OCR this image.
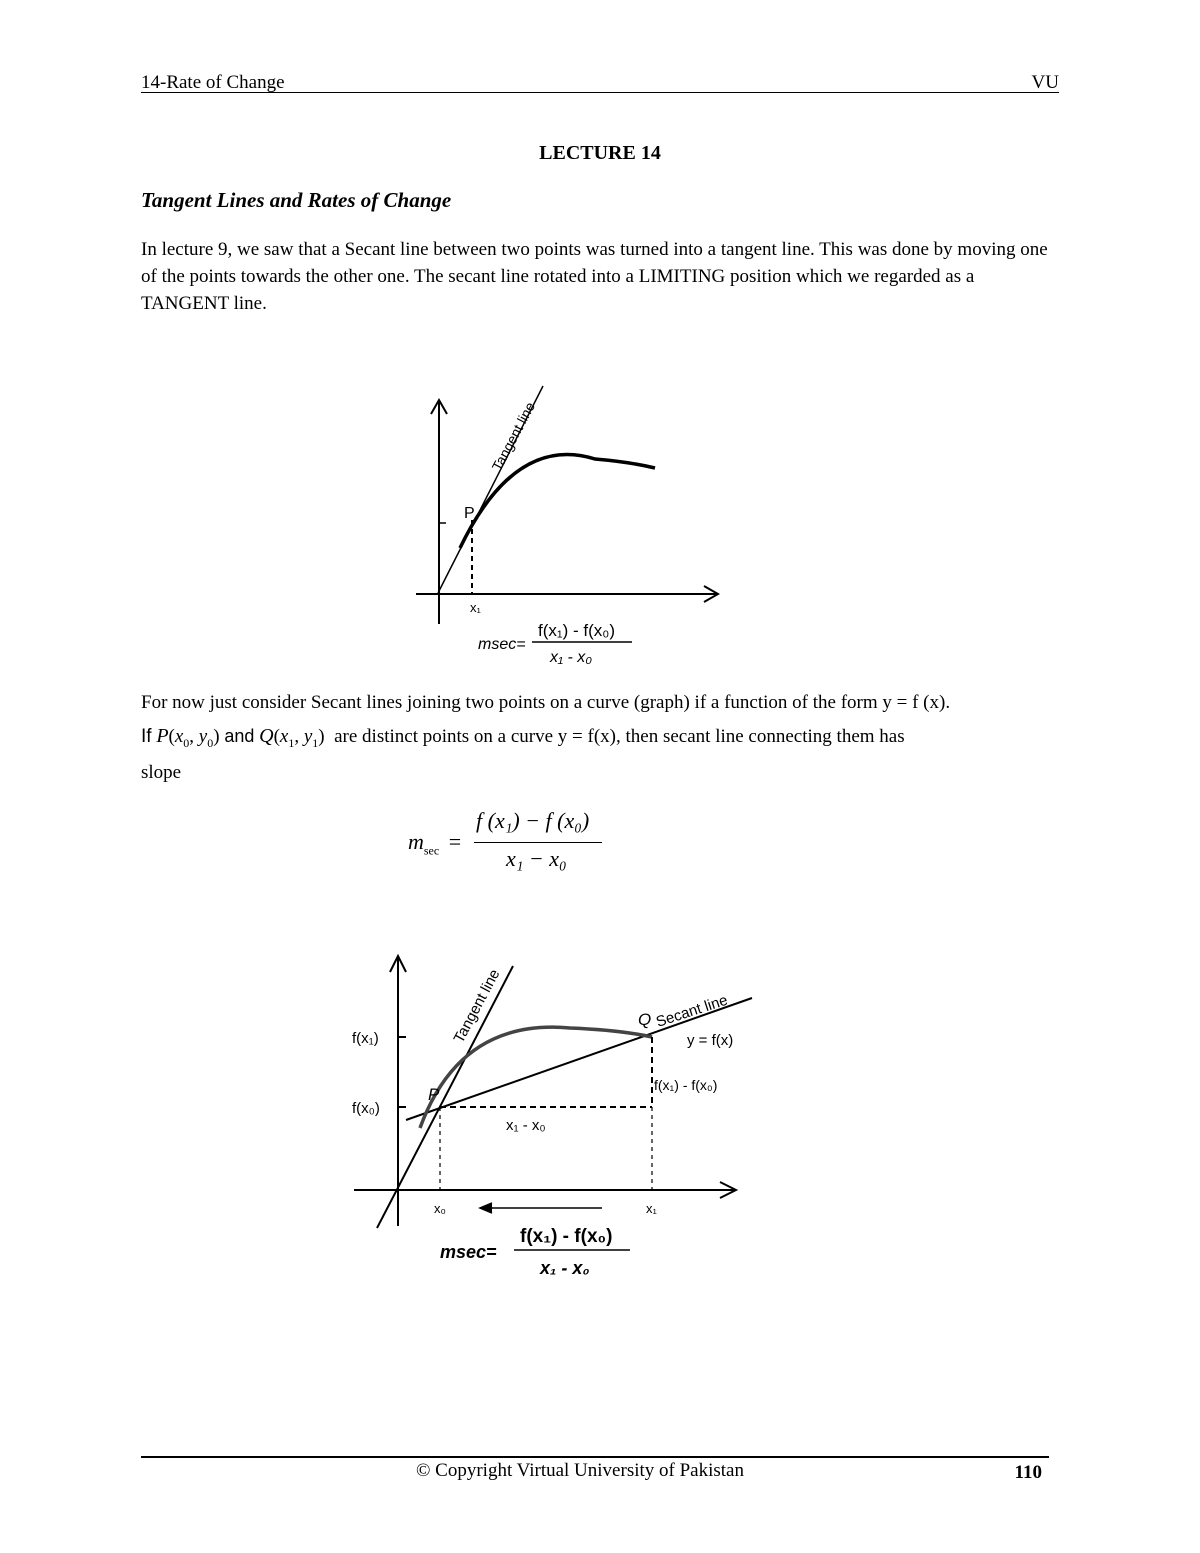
14-Rate of Change	VU
LECTURE 14
Tangent Lines and Rates of Change
In lecture 9, we saw that a Secant line between two points was turned into a tangent line. This was done by moving one of the points towards the other one. The secant line rotated into a LIMITING position which we regarded as a TANGENT line.
Tangent line
P
x₁
msec=
f(x₁) - f(x₀)
x₁ - x₀
For now just consider Secant lines joining two points on a curve (graph) if a function of the form y = f (x).
If $P(x_0$, $y_0$) and $Q(x_1$, $y_1$)  are distinct points on a curve y = f(x), then secant line connecting them has
slope
$m_{sec}$ =
f (x₁) − f (x₀)
x₁ − x₀
Tangent line	Secant line
P
Q
y = f(x)
f(x₁)
f(x₀)
f(x₁) - f(x₀)
x₁ - x₀
x₀	x₁
msec=
f(x₁) - f(x₀)
x₁ - x₀
© Copyright Virtual University of Pakistan	110
